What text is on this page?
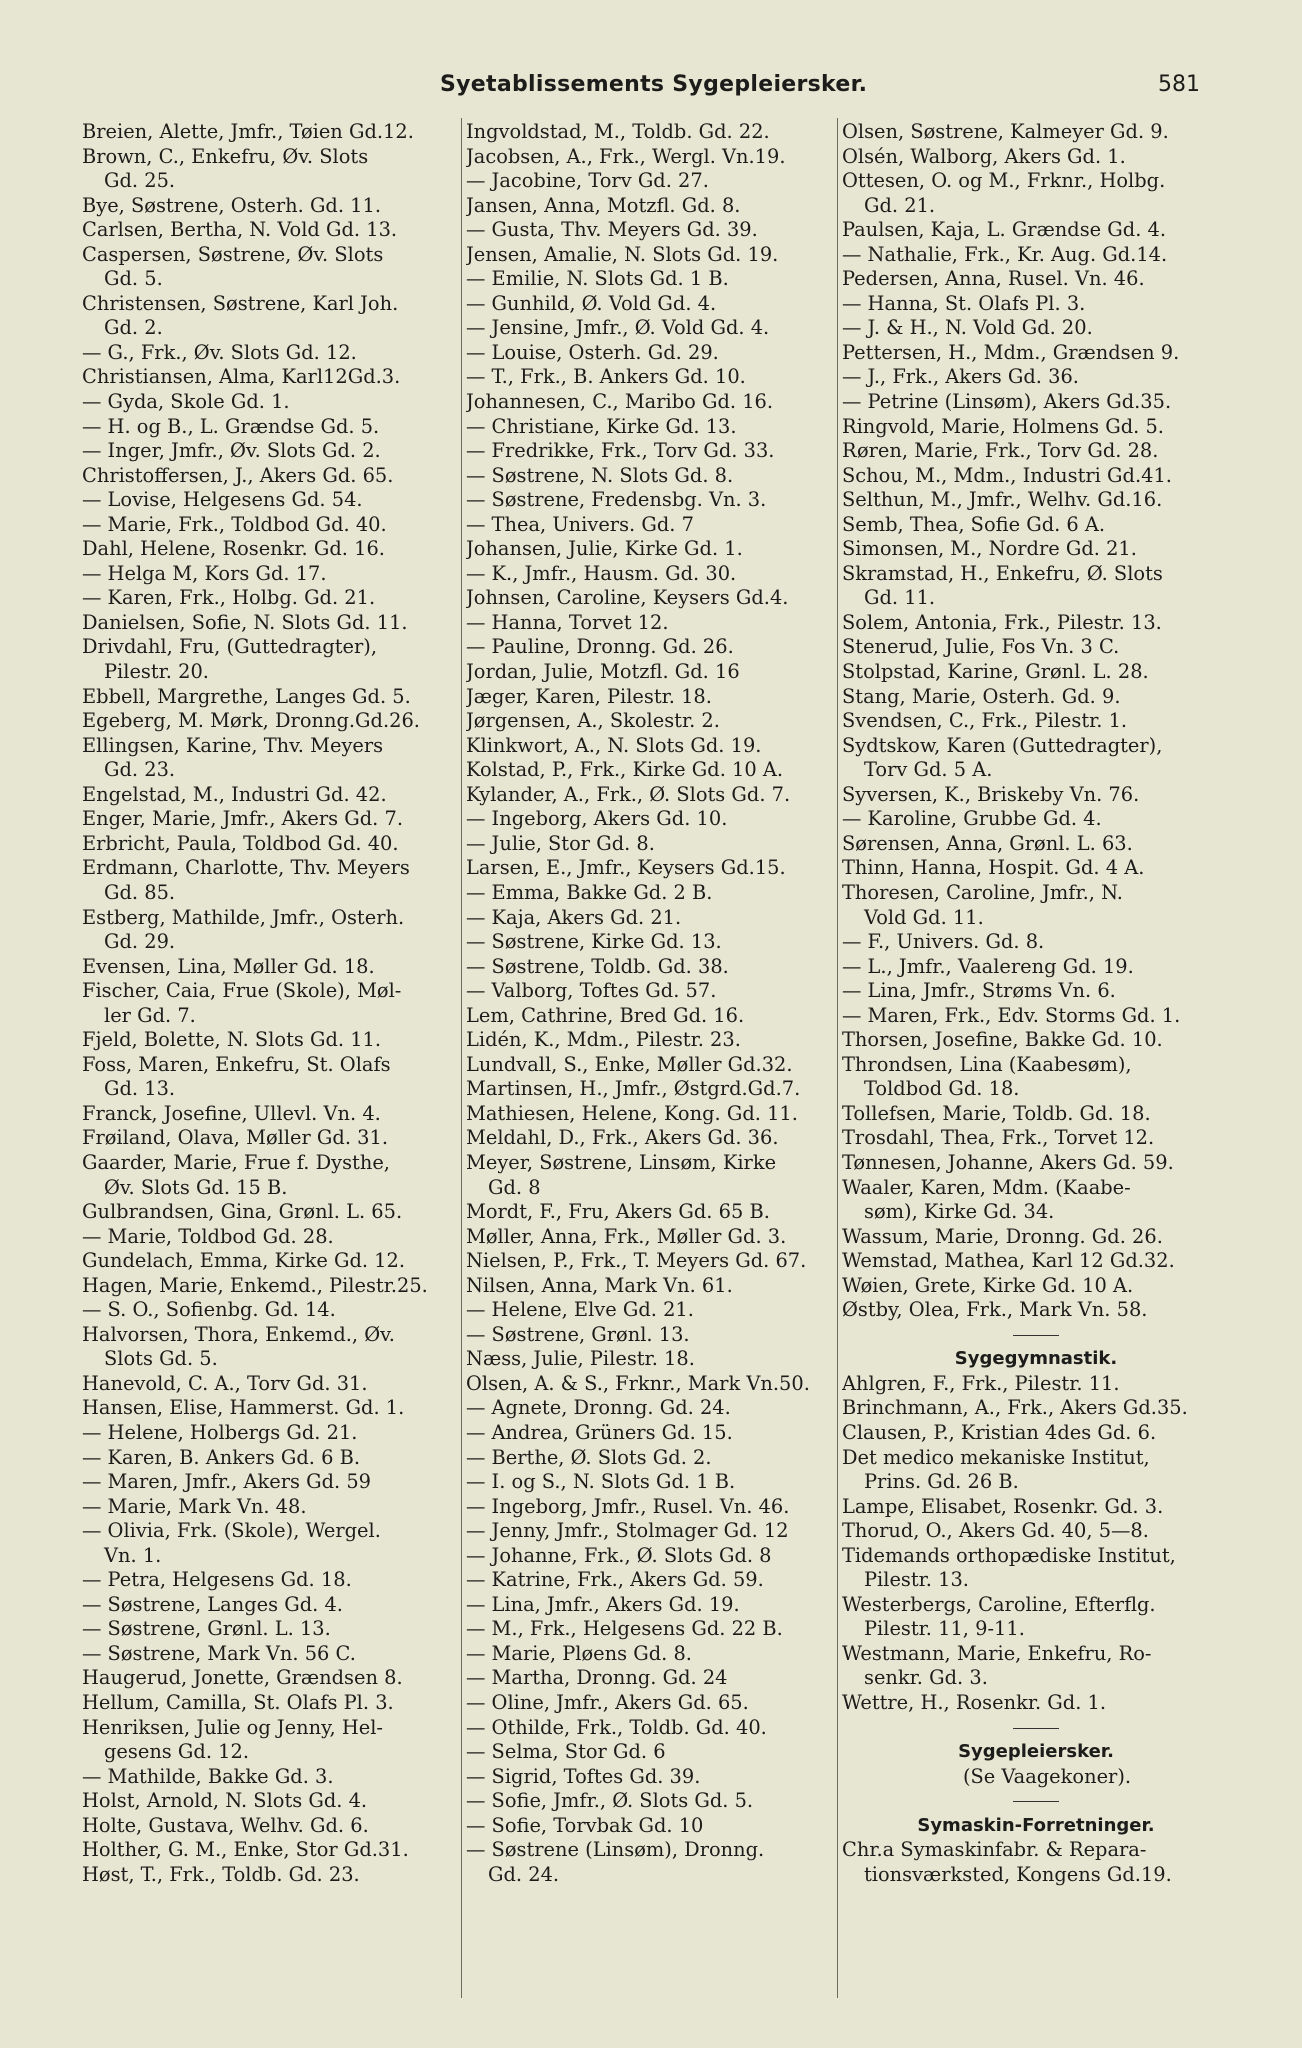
Syetablissements Sygepleiersker.	581
Breien, Alette, Jmfr., Tøien Gd.12.
Brown, C., Enkefru, Øv. Slots
Gd. 25.
Bye, Søstrene, Osterh. Gd. 11.
Carlsen, Bertha, N. Vold Gd. 13.
Caspersen, Søstrene, Øv. Slots
Gd. 5.
Christensen, Søstrene, Karl Joh.
Gd. 2.
— G., Frk., Øv. Slots Gd. 12.
Christiansen, Alma, Karl12Gd.3.
— Gyda, Skole Gd. 1.
— H. og B., L. Grændse Gd. 5.
— Inger, Jmfr., Øv. Slots Gd. 2.
Christoffersen, J., Akers Gd. 65.
— Lovise, Helgesens Gd. 54.
— Marie, Frk., Toldbod Gd. 40.
Dahl, Helene, Rosenkr. Gd. 16.
— Helga M, Kors Gd. 17.
— Karen, Frk., Holbg. Gd. 21.
Danielsen, Sofie, N. Slots Gd. 11.
Drivdahl, Fru, (Guttedragter),
Pilestr. 20.
Ebbell, Margrethe, Langes Gd. 5.
Egeberg, M. Mørk, Dronng.Gd.26.
Ellingsen, Karine, Thv. Meyers
Gd. 23.
Engelstad, M., Industri Gd. 42.
Enger, Marie, Jmfr., Akers Gd. 7.
Erbricht, Paula, Toldbod Gd. 40.
Erdmann, Charlotte, Thv. Meyers
Gd. 85.
Estberg, Mathilde, Jmfr., Osterh.
Gd. 29.
Evensen, Lina, Møller Gd. 18.
Fischer, Caia, Frue (Skole), Møl-
ler Gd. 7.
Fjeld, Bolette, N. Slots Gd. 11.
Foss, Maren, Enkefru, St. Olafs
Gd. 13.
Franck, Josefine, Ullevl. Vn. 4.
Frøiland, Olava, Møller Gd. 31.
Gaarder, Marie, Frue f. Dysthe,
Øv. Slots Gd. 15 B.
Gulbrandsen, Gina, Grønl. L. 65.
— Marie, Toldbod Gd. 28.
Gundelach, Emma, Kirke Gd. 12.
Hagen, Marie, Enkemd., Pilestr.25.
— S. O., Sofienbg. Gd. 14.
Halvorsen, Thora, Enkemd., Øv.
Slots Gd. 5.
Hanevold, C. A., Torv Gd. 31.
Hansen, Elise, Hammerst. Gd. 1.
— Helene, Holbergs Gd. 21.
— Karen, B. Ankers Gd. 6 B.
— Maren, Jmfr., Akers Gd. 59
— Marie, Mark Vn. 48.
— Olivia, Frk. (Skole), Wergel.
Vn. 1.
— Petra, Helgesens Gd. 18.
— Søstrene, Langes Gd. 4.
— Søstrene, Grønl. L. 13.
— Søstrene, Mark Vn. 56 C.
Haugerud, Jonette, Grændsen 8.
Hellum, Camilla, St. Olafs Pl. 3.
Henriksen, Julie og Jenny, Hel-
gesens Gd. 12.
— Mathilde, Bakke Gd. 3.
Holst, Arnold, N. Slots Gd. 4.
Holte, Gustava, Welhv. Gd. 6.
Holther, G. M., Enke, Stor Gd.31.
Høst, T., Frk., Toldb. Gd. 23.
Ingvoldstad, M., Toldb. Gd. 22.
Jacobsen, A., Frk., Wergl. Vn.19.
— Jacobine, Torv Gd. 27.
Jansen, Anna, Motzfl. Gd. 8.
— Gusta, Thv. Meyers Gd. 39.
Jensen, Amalie, N. Slots Gd. 19.
— Emilie, N. Slots Gd. 1 B.
— Gunhild, Ø. Vold Gd. 4.
— Jensine, Jmfr., Ø. Vold Gd. 4.
— Louise, Osterh. Gd. 29.
— T., Frk., B. Ankers Gd. 10.
Johannesen, C., Maribo Gd. 16.
— Christiane, Kirke Gd. 13.
— Fredrikke, Frk., Torv Gd. 33.
— Søstrene, N. Slots Gd. 8.
— Søstrene, Fredensbg. Vn. 3.
— Thea, Univers. Gd. 7
Johansen, Julie, Kirke Gd. 1.
— K., Jmfr., Hausm. Gd. 30.
Johnsen, Caroline, Keysers Gd.4.
— Hanna, Torvet 12.
— Pauline, Dronng. Gd. 26.
Jordan, Julie, Motzfl. Gd. 16
Jæger, Karen, Pilestr. 18.
Jørgensen, A., Skolestr. 2.
Klinkwort, A., N. Slots Gd. 19.
Kolstad, P., Frk., Kirke Gd. 10 A.
Kylander, A., Frk., Ø. Slots Gd. 7.
— Ingeborg, Akers Gd. 10.
— Julie, Stor Gd. 8.
Larsen, E., Jmfr., Keysers Gd.15.
— Emma, Bakke Gd. 2 B.
— Kaja, Akers Gd. 21.
— Søstrene, Kirke Gd. 13.
— Søstrene, Toldb. Gd. 38.
— Valborg, Toftes Gd. 57.
Lem, Cathrine, Bred Gd. 16.
Lidén, K., Mdm., Pilestr. 23.
Lundvall, S., Enke, Møller Gd.32.
Martinsen, H., Jmfr., Østgrd.Gd.7.
Mathiesen, Helene, Kong. Gd. 11.
Meldahl, D., Frk., Akers Gd. 36.
Meyer, Søstrene, Linsøm, Kirke
Gd. 8
Mordt, F., Fru, Akers Gd. 65 B.
Møller, Anna, Frk., Møller Gd. 3.
Nielsen, P., Frk., T. Meyers Gd. 67.
Nilsen, Anna, Mark Vn. 61.
— Helene, Elve Gd. 21.
— Søstrene, Grønl. 13.
Næss, Julie, Pilestr. 18.
Olsen, A. & S., Frknr., Mark Vn.50.
— Agnete, Dronng. Gd. 24.
— Andrea, Grüners Gd. 15.
— Berthe, Ø. Slots Gd. 2.
— I. og S., N. Slots Gd. 1 B.
— Ingeborg, Jmfr., Rusel. Vn. 46.
— Jenny, Jmfr., Stolmager Gd. 12
— Johanne, Frk., Ø. Slots Gd. 8
— Katrine, Frk., Akers Gd. 59.
— Lina, Jmfr., Akers Gd. 19.
— M., Frk., Helgesens Gd. 22 B.
— Marie, Pløens Gd. 8.
— Martha, Dronng. Gd. 24
— Oline, Jmfr., Akers Gd. 65.
— Othilde, Frk., Toldb. Gd. 40.
— Selma, Stor Gd. 6
— Sigrid, Toftes Gd. 39.
— Sofie, Jmfr., Ø. Slots Gd. 5.
— Sofie, Torvbak Gd. 10
— Søstrene (Linsøm), Dronng.
Gd. 24.
Olsen, Søstrene, Kalmeyer Gd. 9.
Olsén, Walborg, Akers Gd. 1.
Ottesen, O. og M., Frknr., Holbg.
Gd. 21.
Paulsen, Kaja, L. Grændse Gd. 4.
— Nathalie, Frk., Kr. Aug. Gd.14.
Pedersen, Anna, Rusel. Vn. 46.
— Hanna, St. Olafs Pl. 3.
— J. & H., N. Vold Gd. 20.
Pettersen, H., Mdm., Grændsen 9.
— J., Frk., Akers Gd. 36.
— Petrine (Linsøm), Akers Gd.35.
Ringvold, Marie, Holmens Gd. 5.
Røren, Marie, Frk., Torv Gd. 28.
Schou, M., Mdm., Industri Gd.41.
Selthun, M., Jmfr., Welhv. Gd.16.
Semb, Thea, Sofie Gd. 6 A.
Simonsen, M., Nordre Gd. 21.
Skramstad, H., Enkefru, Ø. Slots
Gd. 11.
Solem, Antonia, Frk., Pilestr. 13.
Stenerud, Julie, Fos Vn. 3 C.
Stolpstad, Karine, Grønl. L. 28.
Stang, Marie, Osterh. Gd. 9.
Svendsen, C., Frk., Pilestr. 1.
Sydtskow, Karen (Guttedragter),
Torv Gd. 5 A.
Syversen, K., Briskeby Vn. 76.
— Karoline, Grubbe Gd. 4.
Sørensen, Anna, Grønl. L. 63.
Thinn, Hanna, Hospit. Gd. 4 A.
Thoresen, Caroline, Jmfr., N.
Vold Gd. 11.
— F., Univers. Gd. 8.
— L., Jmfr., Vaalereng Gd. 19.
— Lina, Jmfr., Strøms Vn. 6.
— Maren, Frk., Edv. Storms Gd. 1.
Thorsen, Josefine, Bakke Gd. 10.
Throndsen, Lina (Kaabesøm),
Toldbod Gd. 18.
Tollefsen, Marie, Toldb. Gd. 18.
Trosdahl, Thea, Frk., Torvet 12.
Tønnesen, Johanne, Akers Gd. 59.
Waaler, Karen, Mdm. (Kaabe-
søm), Kirke Gd. 34.
Wassum, Marie, Dronng. Gd. 26.
Wemstad, Mathea, Karl 12 Gd.32.
Wøien, Grete, Kirke Gd. 10 A.
Østby, Olea, Frk., Mark Vn. 58.
Sygegymnastik.
Ahlgren, F., Frk., Pilestr. 11.
Brinchmann, A., Frk., Akers Gd.35.
Clausen, P., Kristian 4des Gd. 6.
Det medico mekaniske Institut,
Prins. Gd. 26 B.
Lampe, Elisabet, Rosenkr. Gd. 3.
Thorud, O., Akers Gd. 40, 5—8.
Tidemands orthopædiske Institut,
Pilestr. 13.
Westerbergs, Caroline, Efterflg.
Pilestr. 11, 9-11.
Westmann, Marie, Enkefru, Ro-
senkr. Gd. 3.
Wettre, H., Rosenkr. Gd. 1.
Sygepleiersker.
(Se Vaagekoner).
Symaskin-Forretninger.
Chr.a Symaskinfabr. & Repara-
tionsværksted, Kongens Gd.19.
